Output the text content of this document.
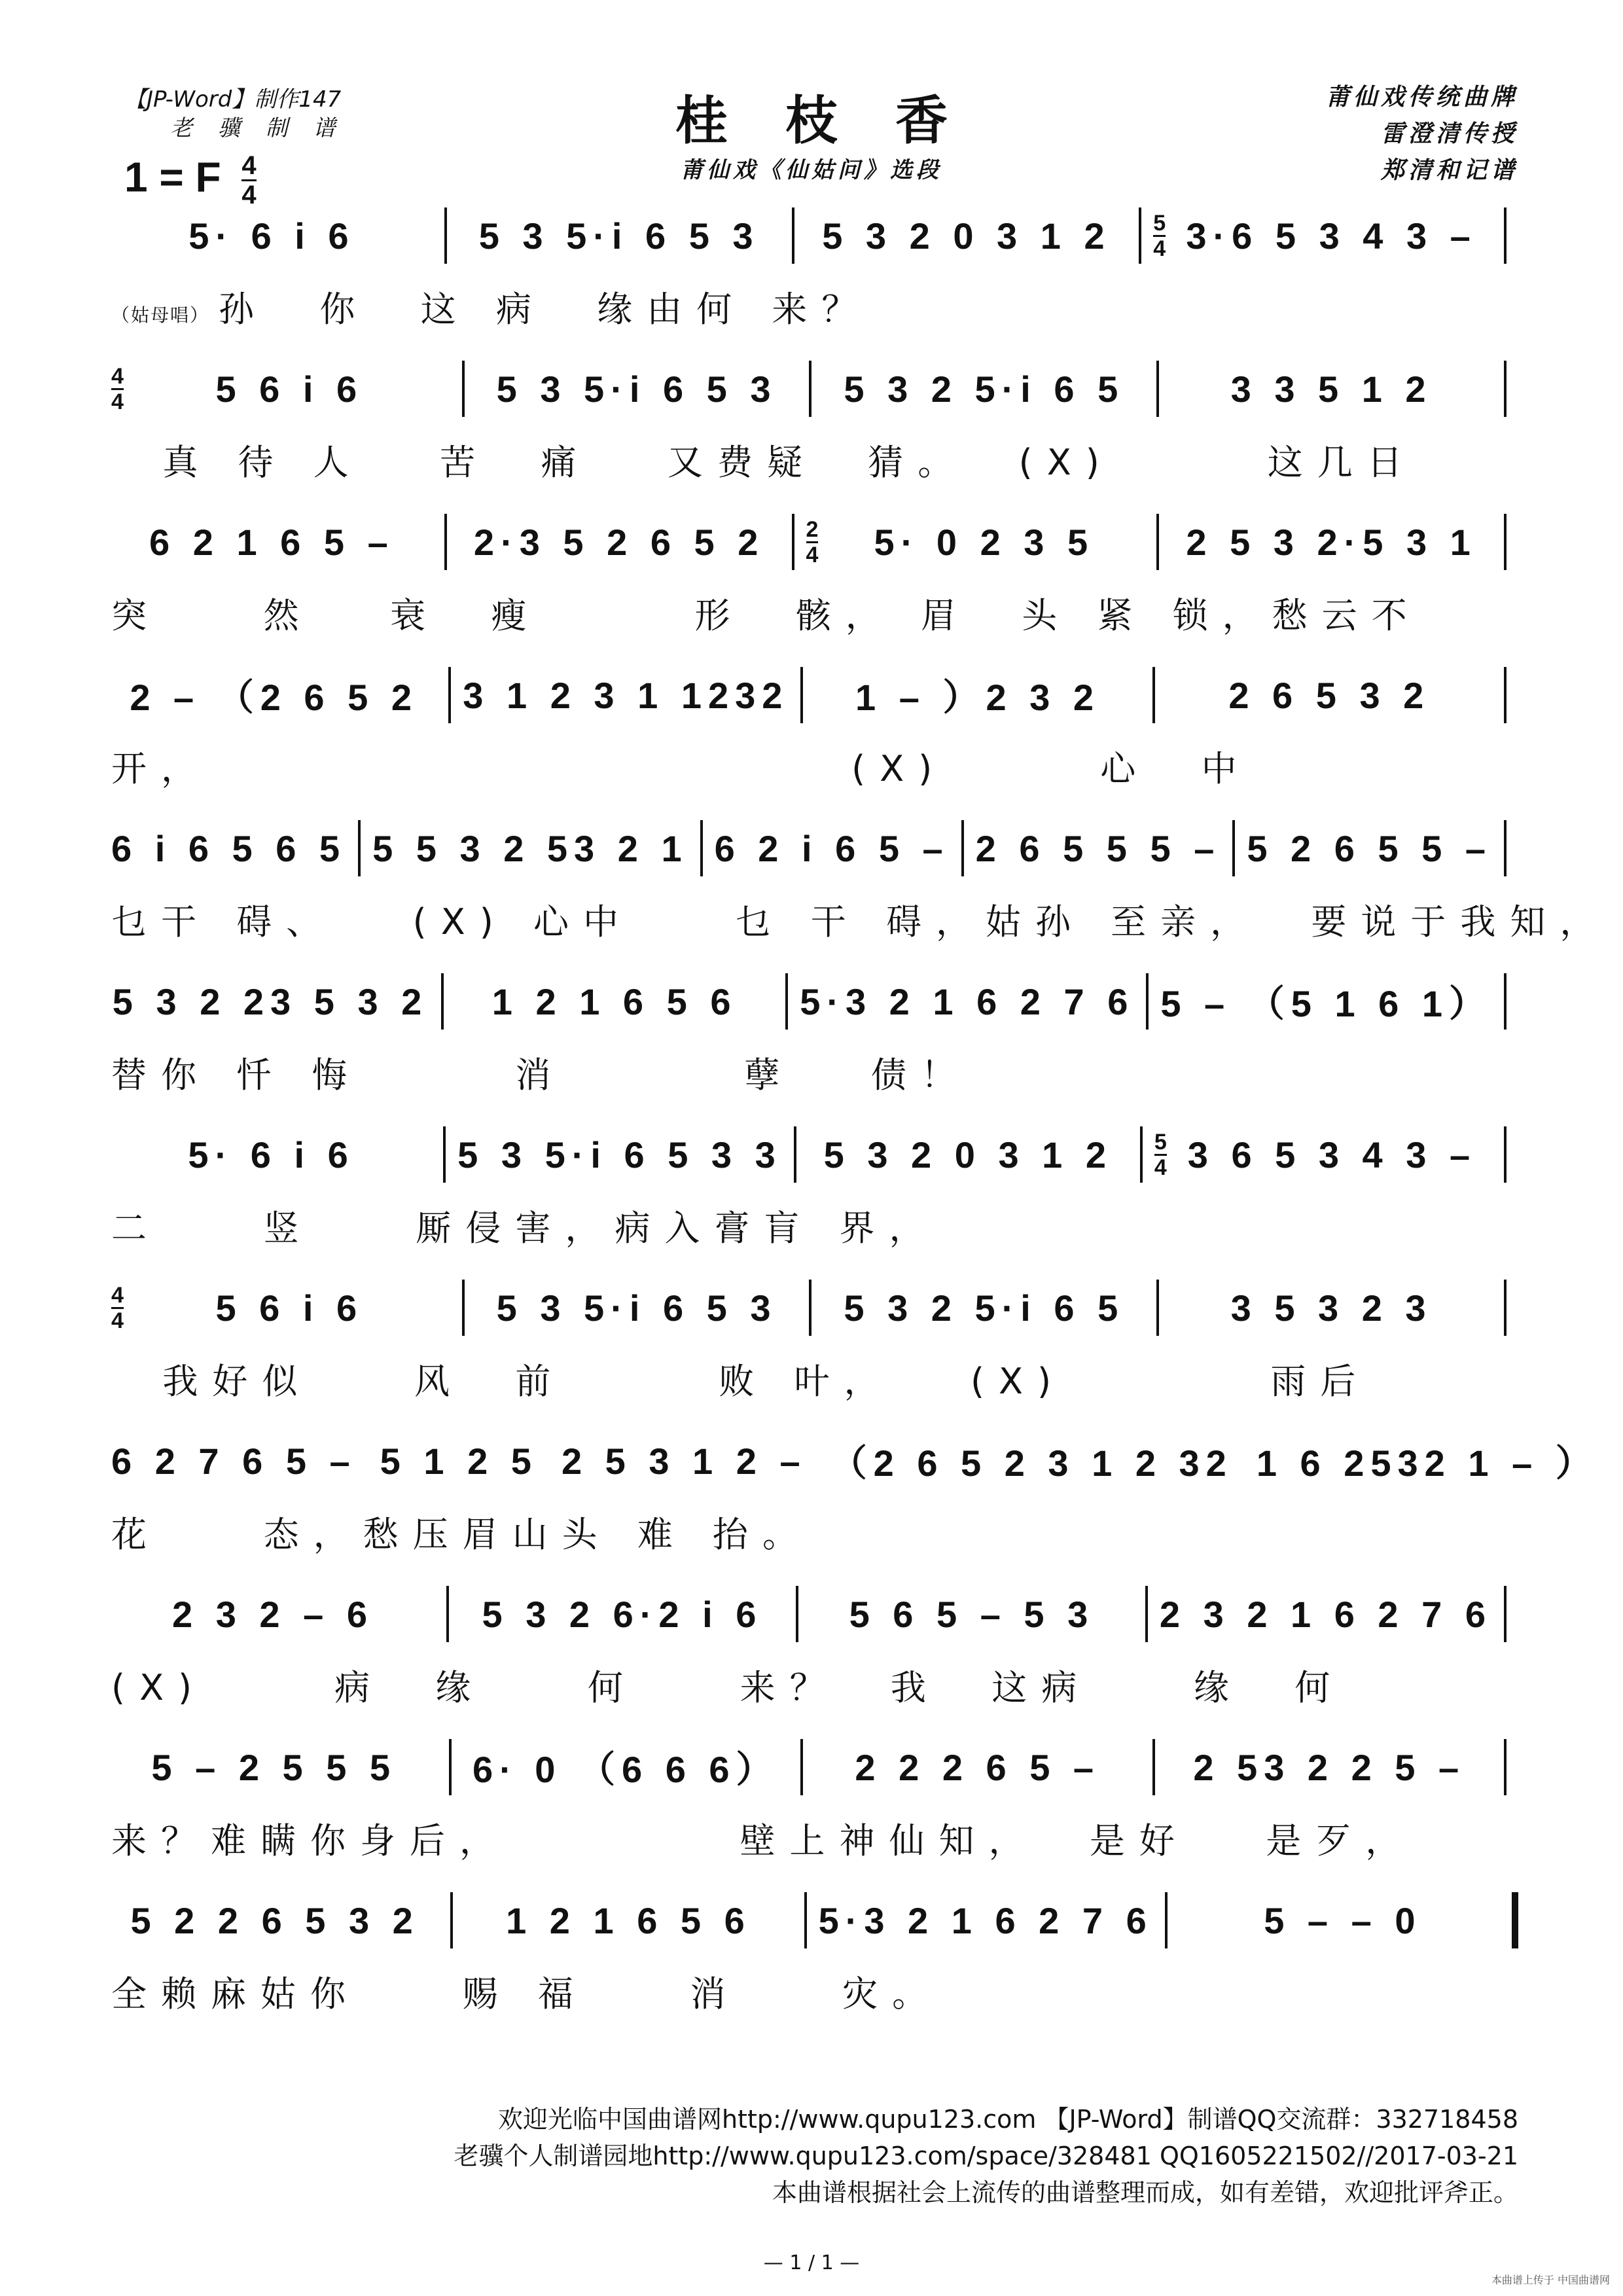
【JP-Word】制作147
老 骥 制 谱
1 = F $\frac{4}{4}$
桂枝香
莆仙戏《仙姑问》选段
莆仙戏传统曲牌
雷澄清传授
郑清和记谱
5· 6 i 6	5 3 5·i 6 5 3	5 3 2 0 3 1 2	5
4 3·6 5 3 4 3 –
（姑母唱） 孙  你  这 病  缘由何 来？
4
4	5 6 i 6	5 3 5·i 6 5 3	5 3 2 5·i 6 5	3 3 5 1 2
真 待 人   苦  痛   又费疑  猜。  (X)      这几日
6 2 1 6 5 –	2·3 5 2 6 5 2	2
4	5· 0 2 3 5	2 5 3 2·5 3 1
突    然   衰  瘦      形  骸， 眉  头 紧 锁，愁云不
2 – （2 6 5 2	3 1 2 3 1 1232	1 – ）2 3 2	2 6 5 3 2
开，                         (X)      心  中
6 i 6 5 6 5 5 5 3 2 53 2 1 6 2 i 6 5 – 2 6 5 5 5 – 5 2 6 5 5 –
乜干 碍、   (X) 心中    乜 干 碍，姑孙 至亲，  要说于我知，
5 3 2 23 5 3 2	1 2 1 6 5 6	5·3 2 1 6 2 7 6 5 – （5 1 6 1）
替你 忏 悔      消       孽   债！
5· 6 i 6	5 3 5·i 6 5 3 3	5 3 2 0 3 1 2	5
4 3 6 5 3 4 3 –
二    竖    厮侵害，病入膏肓 界，
4
4	5 6 i 6	5 3 5·i 6 5 3	5 3 2 5·i 6 5	3 5 3 2 3
我好似    风  前      败 叶，   (X)        雨后
6 2 7 6 5 – 5 1 2 5 2 5 3 1 2 – （2 6 5 2 3 1 2 32 1 6 2532 1 – ）
花    态，愁压眉山头 难 抬。
2 3 2 – 6	5 3 2 6·2 i 6	5 6 5 – 5 3	2 3 2 1 6 2 7 6
(X)     病  缘    何    来？  我  这病    缘  何
5 – 2 5 5 5	6· 0 （6 6 6）	2 2 2 6 5 –	2 53 2 2 5 –
来？难瞒你身后，         壁上神仙知，  是好   是歹，
5 2 2 6 5 3 2	1 2 1 6 5 6	5·3 2 1 6 2 7 6	5 – – 0
全赖麻姑你    赐 福    消    灾。
欢迎光临中国曲谱网http://www.qupu123.com 【JP-Word】制谱QQ交流群：332718458
老骥个人制谱园地http://www.qupu123.com/space/328481 QQ1605221502//2017-03-21
本曲谱根据社会上流传的曲谱整理而成，如有差错，欢迎批评斧正。
— 1 / 1 —
本曲谱上传于 中国曲谱网
